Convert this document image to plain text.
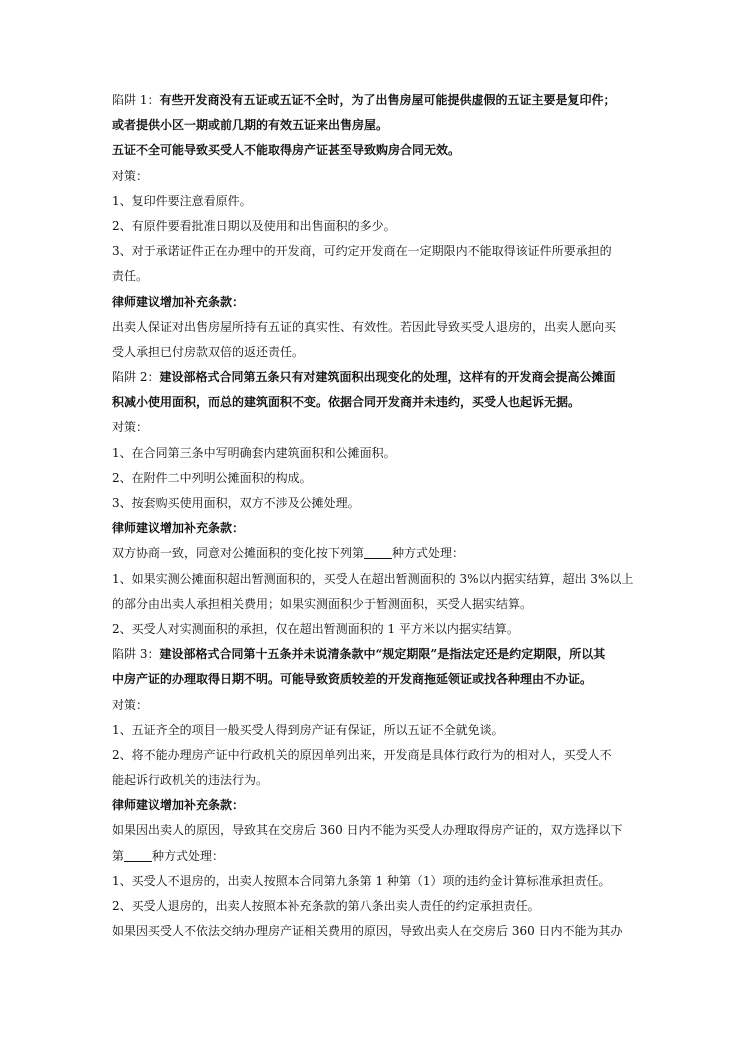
陷阱 1：有些开发商没有五证或五证不全时，为了出售房屋可能提供虚假的五证主要是复印件；
或者提供小区一期或前几期的有效五证来出售房屋。
五证不全可能导致买受人不能取得房产证甚至导致购房合同无效。
对策：
1、复印件要注意看原件。
2、有原件要看批准日期以及使用和出售面积的多少。
3、对于承诺证件正在办理中的开发商，可约定开发商在一定期限内不能取得该证件所要承担的
责任。
律师建议增加补充条款：
出卖人保证对出售房屋所持有五证的真实性、有效性。若因此导致买受人退房的，出卖人愿向买
受人承担已付房款双倍的返还责任。
陷阱 2：建设部格式合同第五条只有对建筑面积出现变化的处理，这样有的开发商会提高公摊面
积减小使用面积，而总的建筑面积不变。依据合同开发商并未违约，买受人也起诉无据。
对策：
1、在合同第三条中写明确套内建筑面积和公摊面积。
2、在附件二中列明公摊面积的构成。
3、按套购买使用面积，双方不涉及公摊处理。
律师建议增加补充条款：
双方协商一致，同意对公摊面积的变化按下列第 种方式处理：
1、如果实测公摊面积超出暂测面积的，买受人在超出暂测面积的 3%以内据实结算，超出 3%以上
的部分由出卖人承担相关费用；如果实测面积少于暂测面积，买受人据实结算。
2、买受人对实测面积的承担，仅在超出暂测面积的 1 平方米以内据实结算。
陷阱 3：建设部格式合同第十五条并未说清条款中“规定期限”是指法定还是约定期限，所以其
中房产证的办理取得日期不明。可能导致资质较差的开发商拖延领证或找各种理由不办证。
对策：
1、五证齐全的项目一般买受人得到房产证有保证，所以五证不全就免谈。
2、将不能办理房产证中行政机关的原因单列出来，开发商是具体行政行为的相对人，买受人不
能起诉行政机关的违法行为。
律师建议增加补充条款：
如果因出卖人的原因，导致其在交房后 360 日内不能为买受人办理取得房产证的，双方选择以下
第 种方式处理：
1、买受人不退房的，出卖人按照本合同第九条第 1 种第（1）项的违约金计算标准承担责任。
2、买受人退房的，出卖人按照本补充条款的第八条出卖人责任的约定承担责任。
如果因买受人不依法交纳办理房产证相关费用的原因，导致出卖人在交房后 360 日内不能为其办
